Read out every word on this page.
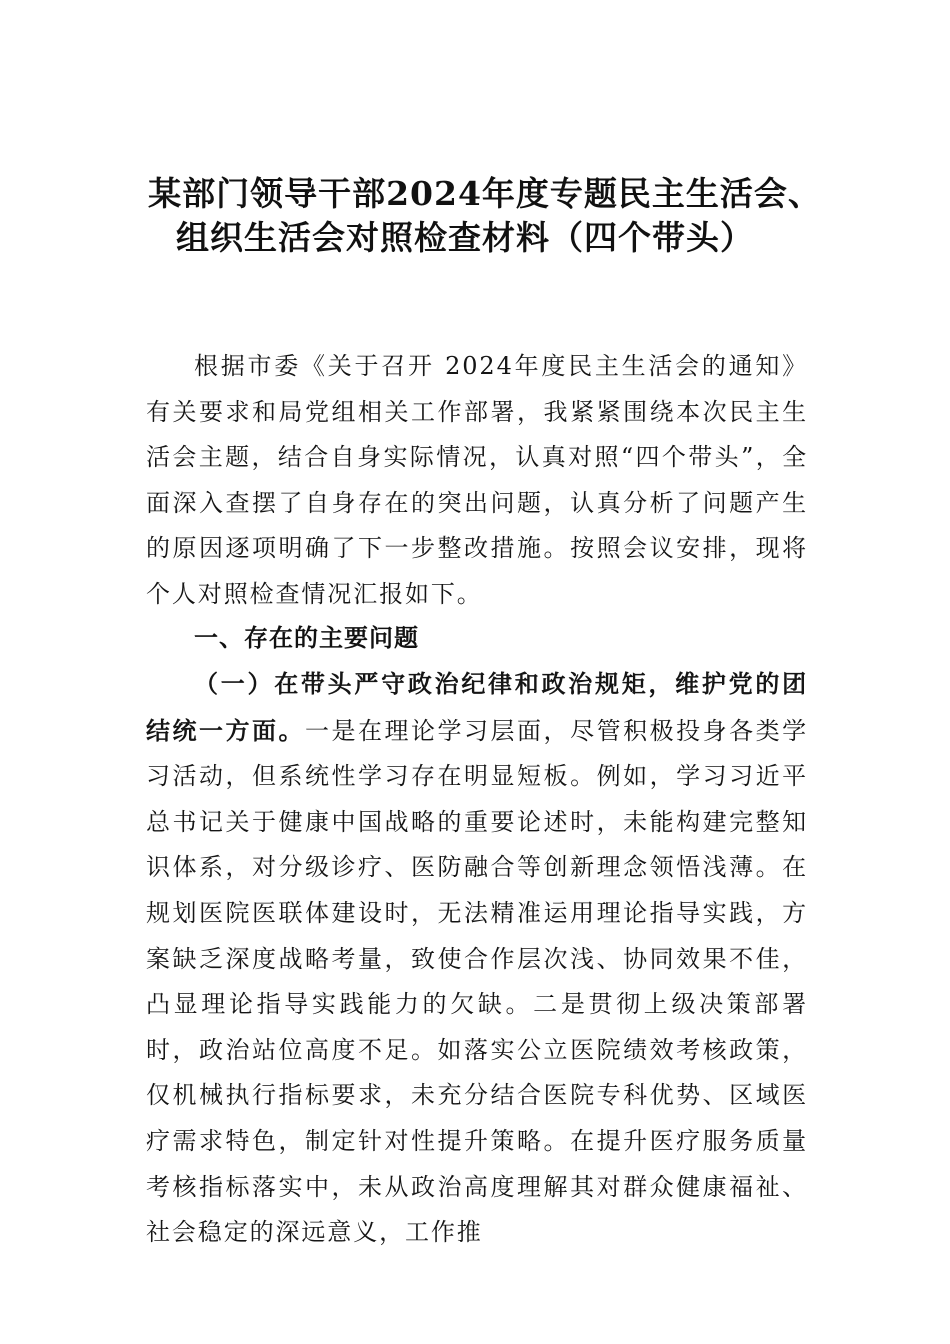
某部门领导干部2024年度专题民主生活会、
组织生活会对照检查材料（四个带头）

根据市委《关于召开 2024年度民主生活会的通知》有关要求和局党组相关工作部署，我紧紧围绕本次民主生活会主题，结合自身实际情况，认真对照“四个带头”，全面深入查摆了自身存在的突出问题，认真分析了问题产生的原因逐项明确了下一步整改措施。按照会议安排，现将个人对照检查情况汇报如下。

一、存在的主要问题

（一）在带头严守政治纪律和政治规矩，维护党的团结统一方面。一是在理论学习层面，尽管积极投身各类学习活动，但系统性学习存在明显短板。例如，学习习近平总书记关于健康中国战略的重要论述时，未能构建完整知识体系，对分级诊疗、医防融合等创新理念领悟浅薄。在规划医院医联体建设时，无法精准运用理论指导实践，方案缺乏深度战略考量，致使合作层次浅、协同效果不佳，凸显理论指导实践能力的欠缺。二是贯彻上级决策部署时，政治站位高度不足。如落实公立医院绩效考核政策，仅机械执行指标要求，未充分结合医院专科优势、区域医疗需求特色，制定针对性提升策略。在提升医疗服务质量考核指标落实中，未从政治高度理解其对群众健康福祉、社会稳定的深远意义，工作推
